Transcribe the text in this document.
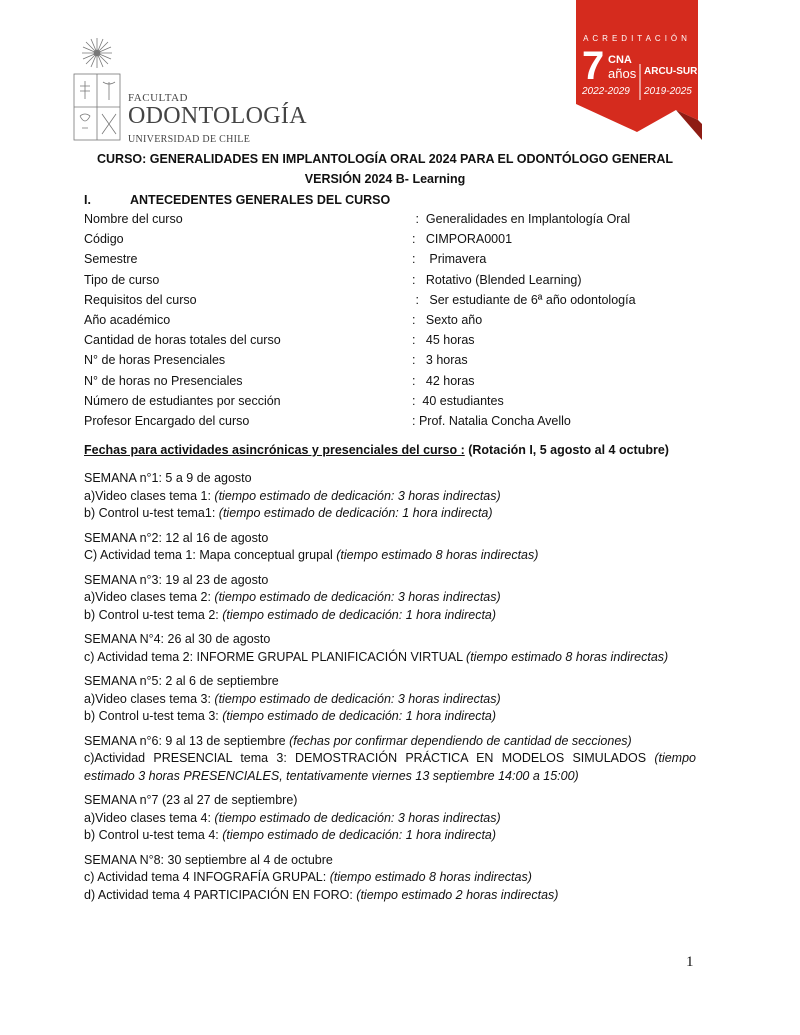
FACULTAD
ODONTOLOGÍA
UNIVERSIDAD DE CHILE
ACREDITACIÓN
7 CNA
años ARCU-SUR
2022-2029 2019-2025
CURSO: GENERALIDADES EN IMPLANTOLOGÍA ORAL 2024 PARA EL ODONTÓLOGO GENERAL
VERSIÓN 2024 B- Learning
I.	ANTECEDENTES GENERALES DEL CURSO
Nombre del curso	:  Generalidades en Implantología Oral
Código	:   CIMPORA0001
Semestre	:    Primavera
Tipo de curso	:   Rotativo (Blended Learning)
Requisitos del curso	:   Ser estudiante de 6ª año odontología
Año académico	:   Sexto año
Cantidad de horas totales del curso	:   45 horas
N° de horas Presenciales	:   3 horas
N° de horas no Presenciales	:   42 horas
Número de estudiantes por sección	:  40 estudiantes
Profesor Encargado del curso	: Prof. Natalia Concha Avello
Fechas para actividades asincrónicas y presenciales del curso : (Rotación I, 5 agosto al 4 octubre)
SEMANA n°1: 5 a 9 de agosto
a)Video clases tema 1: (tiempo estimado de dedicación: 3 horas indirectas)
b) Control u-test tema1: (tiempo estimado de dedicación: 1 hora indirecta)
SEMANA n°2: 12 al 16 de agosto
C) Actividad tema 1: Mapa conceptual grupal (tiempo estimado 8 horas indirectas)
SEMANA n°3: 19 al 23 de agosto
a)Video clases tema 2: (tiempo estimado de dedicación: 3 horas indirectas)
b) Control u-test tema 2: (tiempo estimado de dedicación: 1 hora indirecta)
SEMANA N°4: 26 al 30 de agosto
c) Actividad tema 2: INFORME GRUPAL PLANIFICACIÓN VIRTUAL (tiempo estimado 8 horas indirectas)
SEMANA n°5: 2 al 6 de septiembre
a)Video clases tema 3: (tiempo estimado de dedicación: 3 horas indirectas)
b) Control u-test tema 3: (tiempo estimado de dedicación: 1 hora indirecta)
SEMANA n°6: 9 al 13 de septiembre (fechas por confirmar dependiendo de cantidad de secciones)
c)Actividad PRESENCIAL tema 3: DEMOSTRACIÓN PRÁCTICA EN MODELOS SIMULADOS (tiempo estimado 3 horas PRESENCIALES, tentativamente viernes 13 septiembre 14:00 a 15:00)
SEMANA n°7 (23 al 27 de septiembre)
a)Video clases tema 4: (tiempo estimado de dedicación: 3 horas indirectas)
b) Control u-test tema 4: (tiempo estimado de dedicación: 1 hora indirecta)
SEMANA N°8: 30 septiembre al 4 de octubre
c) Actividad tema 4 INFOGRAFÍA GRUPAL: (tiempo estimado 8 horas indirectas)
d) Actividad tema 4 PARTICIPACIÓN EN FORO: (tiempo estimado 2 horas indirectas)
1
